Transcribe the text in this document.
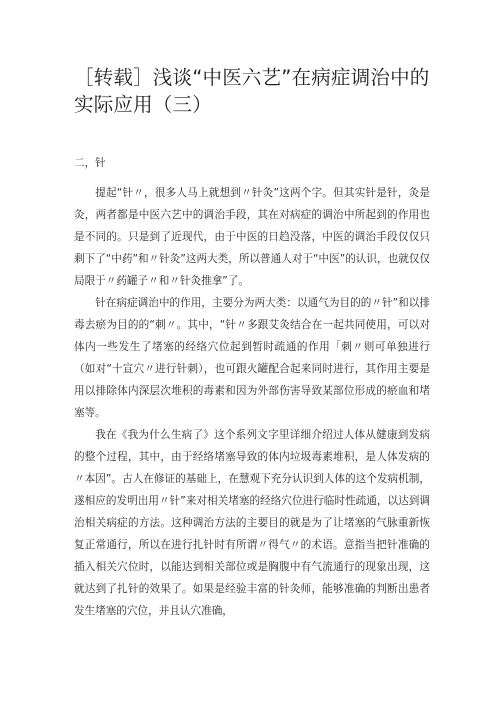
［转载］浅谈“中医六艺”在病症调治中的实际应用（三）

二，针

提起“针〃，很多人马上就想到〃针灸”这两个字。但其实针是针，灸是灸，两者都是中医六艺中的调治手段，其在对病症的调治中所起到的作用也是不同的。只是到了近现代，由于中医的日趋没落，中医的调治手段仅仅只剩下了“中药”和〃针灸”这两大类，所以普通人对于“中医”的认识，也就仅仅局限于〃药罐子〃和〃针灸推拿”了。

针在病症调治中的作用，主要分为两大类：以通气为目的的〃针”和以排毒去瘀为目的的“刺〃。其中，“针〃多跟艾灸结合在一起共同使用，可以对体内一些发生了堵塞的经络穴位起到暂时疏通的作用「刺〃则可单独进行（如对“十宣穴〃进行针刺），也可跟火罐配合起来同时进行，其作用主要是用以排除体内深层次堆积的毒素和因为外部伤害导致某部位形成的瘀血和堵塞等。

我在《我为什么生病了》这个系列文字里详细介绍过人体从健康到发病的整个过程，其中，由于经络堵塞导致的体内垃圾毒素堆积，是人体发病的〃本因”。古人在修证的基础上，在慧观下充分认识到人体的这个发病机制，遂相应的发明出用〃针”来对相关堵塞的经络穴位进行临时性疏通，以达到调治相关病症的方法。这种调治方法的主要目的就是为了让堵塞的气脉重新恢复正常通行，所以在进行扎针时有所谓〃得气〃的术语。意指当把针准确的插入相关穴位时，以能达到相关部位或是胸腹中有气流通行的现象出现，这就达到了扎针的效果了。如果是经验丰富的针灸师，能够准确的判断出患者发生堵塞的穴位，并且认穴准确，
